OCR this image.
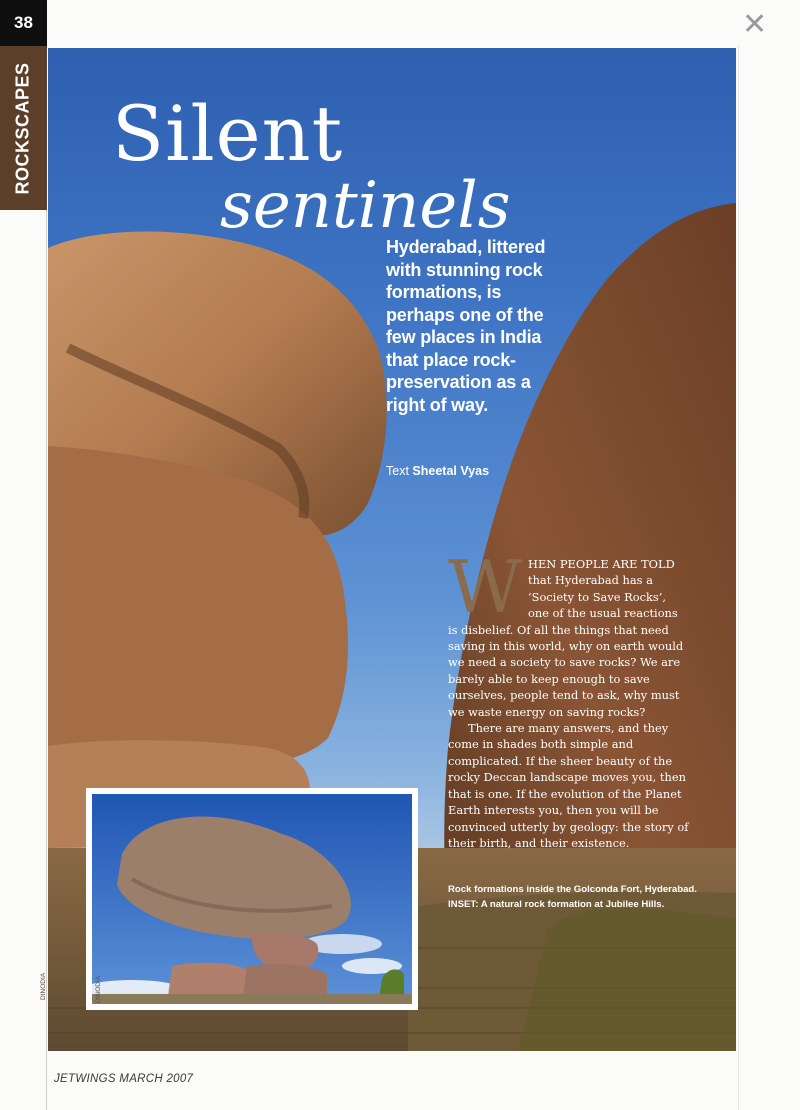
38
ROCKSCAPES
✕
Silent
sentinels
Hyderabad, littered with stunning rock formations, is perhaps one of the few places in India that place rock-preservation as a right of way.
Text Sheetal Vyas

WHEN PEOPLE ARE TOLD that Hyderabad has a ‘Society to Save Rocks’, one of the usual reactions is disbelief. Of all the things that need saving in this world, why on earth would we need a society to save rocks? We are barely able to keep enough to save ourselves, people tend to ask, why must we waste energy on saving rocks?

There are many answers, and they come in shades both simple and complicated. If the sheer beauty of the rocky Deccan landscape moves you, then that is one. If the evolution of the Planet Earth interests you, then you will be convinced utterly by geology: the story of their birth, and their existence.

Rock formations inside the Golconda Fort, Hyderabad. INSET: A natural rock formation at Jubilee Hills.
DINODIA	DINODIA
JETWINGS MARCH 2007
